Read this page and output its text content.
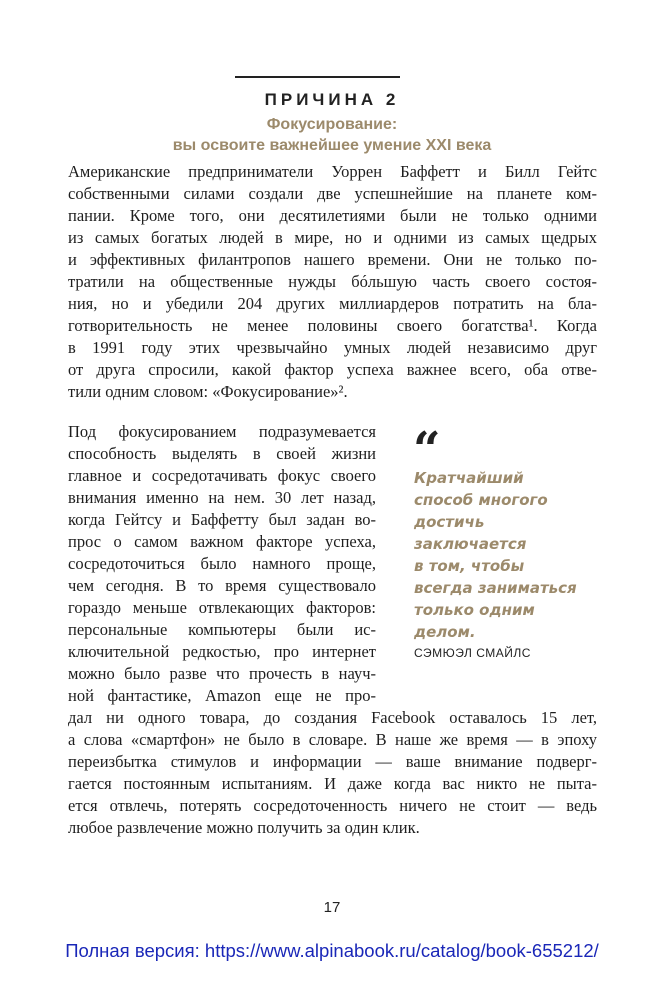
ПРИЧИНА 2
Фокусирование:
вы освоите важнейшее умение XXI века
Американские предприниматели Уоррен Баффетт и Билл Гейтс
собственными силами создали две успешнейшие на планете ком-
пании. Кроме того, они десятилетиями были не только одними
из самых богатых людей в мире, но и одними из самых щедрых
и эффективных филантропов нашего времени. Они не только по-
тратили на общественные нужды бóльшую часть своего состоя-
ния, но и убедили 204 других миллиардеров потратить на бла-
готворительность не менее половины своего богатства¹. Когда
в 1991 году этих чрезвычайно умных людей независимо друг
от друга спросили, какой фактор успеха важнее всего, оба отве-
тили одним словом: «Фокусирование»².
Под фокусированием подразумевается
способность выделять в своей жизни
главное и сосредотачивать фокус своего
внимания именно на нем. 30 лет назад,
когда Гейтсу и Баффетту был задан во-
прос о самом важном факторе успеха,
сосредоточиться было намного проще,
чем сегодня. В то время существовало
гораздо меньше отвлекающих факторов:
персональные компьютеры были ис-
ключительной редкостью, про интернет
можно было разве что прочесть в науч-
ной фантастике, Amazon еще не про-
дал ни одного товара, до создания Facebook оставалось 15 лет,
а слова «смартфон» не было в словаре. В наше же время — в эпоху
переизбытка стимулов и информации — ваше внимание подверг-
гается постоянным испытаниям. И даже когда вас никто не пыта-
ется отвлечь, потерять сосредоточенность ничего не стоит — ведь
любое развлечение можно получить за один клик.
“
Кратчайший
способ многого
достичь
заключается
в том, чтобы
всегда заниматься
только одним
делом.
СЭМЮЭЛ СМАЙЛС
17
Полная версия: https://www.alpinabook.ru/catalog/book-655212/
